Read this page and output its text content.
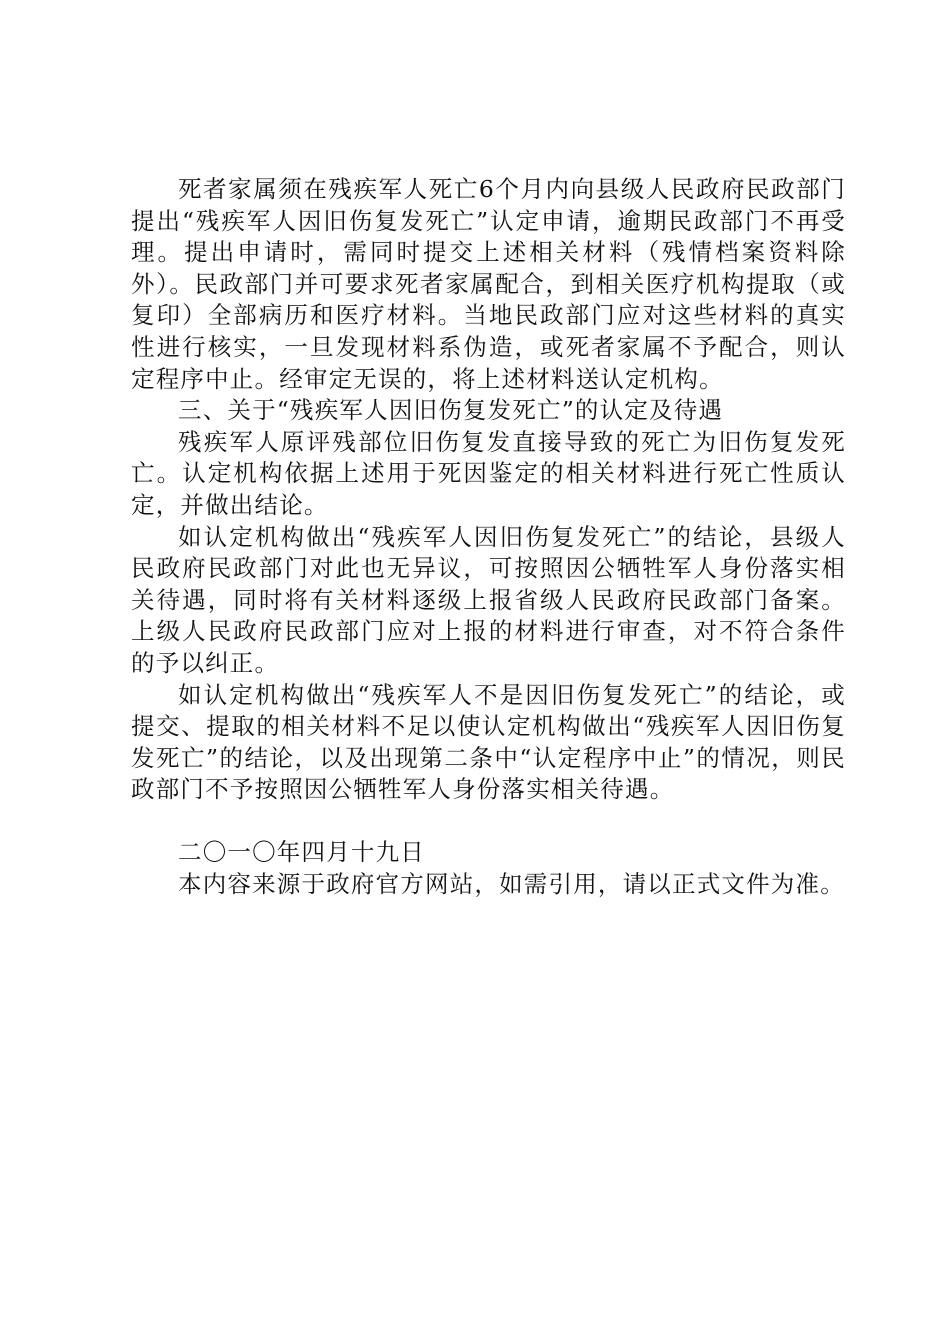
死者家属须在残疾军人死亡6个月内向县级人民政府民政部门提出“残疾军人因旧伤复发死亡”认定申请，逾期民政部门不再受理。提出申请时，需同时提交上述相关材料（残情档案资料除外）。民政部门并可要求死者家属配合，到相关医疗机构提取（或复印）全部病历和医疗材料。当地民政部门应对这些材料的真实性进行核实，一旦发现材料系伪造，或死者家属不予配合，则认定程序中止。经审定无误的，将上述材料送认定机构。

三、关于“残疾军人因旧伤复发死亡”的认定及待遇

残疾军人原评残部位旧伤复发直接导致的死亡为旧伤复发死亡。认定机构依据上述用于死因鉴定的相关材料进行死亡性质认定，并做出结论。

如认定机构做出“残疾军人因旧伤复发死亡”的结论，县级人民政府民政部门对此也无异议，可按照因公牺牲军人身份落实相关待遇，同时将有关材料逐级上报省级人民政府民政部门备案。上级人民政府民政部门应对上报的材料进行审查，对不符合条件的予以纠正。

如认定机构做出“残疾军人不是因旧伤复发死亡”的结论，或提交、提取的相关材料不足以使认定机构做出“残疾军人因旧伤复发死亡”的结论，以及出现第二条中“认定程序中止”的情况，则民政部门不予按照因公牺牲军人身份落实相关待遇。

二〇一〇年四月十九日

本内容来源于政府官方网站，如需引用，请以正式文件为准。
